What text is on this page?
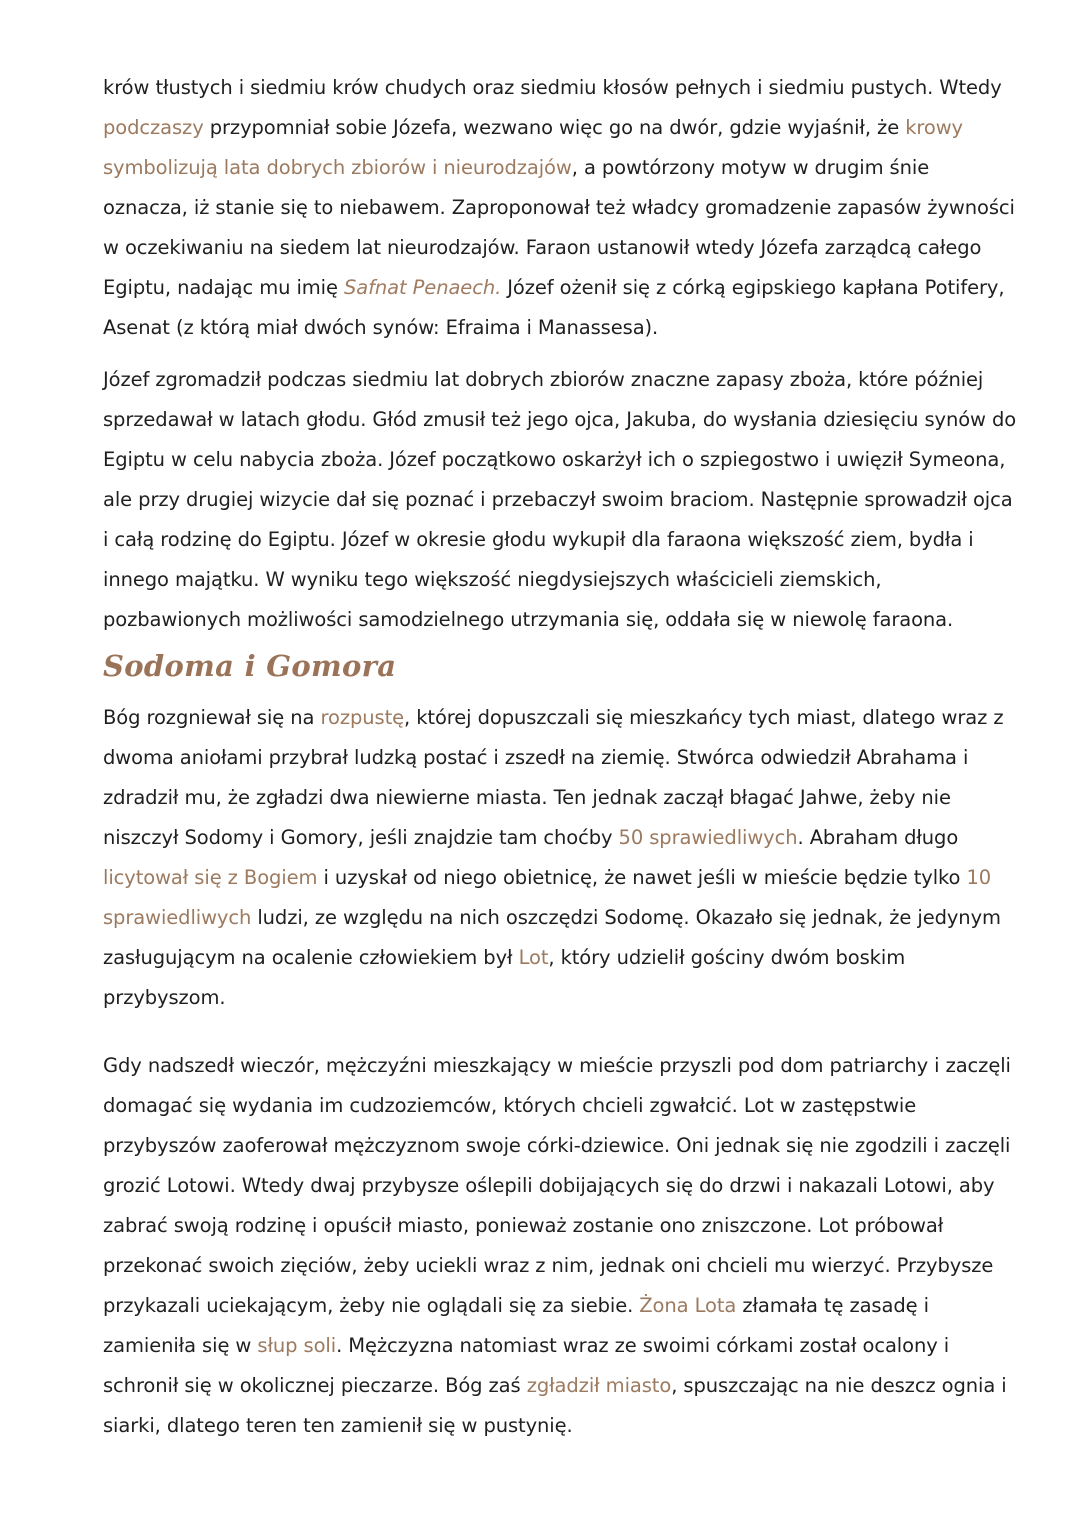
krów tłustych i siedmiu krów chudych oraz siedmiu kłosów pełnych i siedmiu pustych. Wtedy podczaszy przypomniał sobie Józefa, wezwano więc go na dwór, gdzie wyjaśnił, że krowy symbolizują lata dobrych zbiorów i nieurodzajów, a powtórzony motyw w drugim śnie oznacza, iż stanie się to niebawem. Zaproponował też władcy gromadzenie zapasów żywności w oczekiwaniu na siedem lat nieurodzajów. Faraon ustanowił wtedy Józefa zarządcą całego Egiptu, nadając mu imię Safnat Penaech. Józef ożenił się z córką egipskiego kapłana Potifery, Asenat (z którą miał dwóch synów: Efraima i Manassesa).

Józef zgromadził podczas siedmiu lat dobrych zbiorów znaczne zapasy zboża, które później sprzedawał w latach głodu. Głód zmusił też jego ojca, Jakuba, do wysłania dziesięciu synów do Egiptu w celu nabycia zboża. Józef początkowo oskarżył ich o szpiegostwo i uwięził Symeona, ale przy drugiej wizycie dał się poznać i przebaczył swoim braciom. Następnie sprowadził ojca i całą rodzinę do Egiptu. Józef w okresie głodu wykupił dla faraona większość ziem, bydła i innego majątku. W wyniku tego większość niegdysiejszych właścicieli ziemskich, pozbawionych możliwości samodzielnego utrzymania się, oddała się w niewolę faraona.

Sodoma i Gomora

Bóg rozgniewał się na rozpustę, której dopuszczali się mieszkańcy tych miast, dlatego wraz z dwoma aniołami przybrał ludzką postać i zszedł na ziemię. Stwórca odwiedził Abrahama i zdradził mu, że zgładzi dwa niewierne miasta. Ten jednak zaczął błagać Jahwe, żeby nie niszczył Sodomy i Gomory, jeśli znajdzie tam choćby 50 sprawiedliwych. Abraham długo licytował się z Bogiem i uzyskał od niego obietnicę, że nawet jeśli w mieście będzie tylko 10 sprawiedliwych ludzi, ze względu na nich oszczędzi Sodomę. Okazało się jednak, że jedynym zasługującym na ocalenie człowiekiem był Lot, który udzielił gościny dwóm boskim przybyszom.

Gdy nadszedł wieczór, mężczyźni mieszkający w mieście przyszli pod dom patriarchy i zaczęli domagać się wydania im cudzoziemców, których chcieli zgwałcić. Lot w zastępstwie przybyszów zaoferował mężczyznom swoje córki-dziewice. Oni jednak się nie zgodzili i zaczęli grozić Lotowi. Wtedy dwaj przybysze oślepili dobijających się do drzwi i nakazali Lotowi, aby zabrać swoją rodzinę i opuścił miasto, ponieważ zostanie ono zniszczone. Lot próbował przekonać swoich zięciów, żeby uciekli wraz z nim, jednak oni chcieli mu wierzyć. Przybysze przykazali uciekającym, żeby nie oglądali się za siebie. Żona Lota złamała tę zasadę i zamieniła się w słup soli. Mężczyzna natomiast wraz ze swoimi córkami został ocalony i schronił się w okolicznej pieczarze. Bóg zaś zgładził miasto, spuszczając na nie deszcz ognia i siarki, dlatego teren ten zamienił się w pustynię.
